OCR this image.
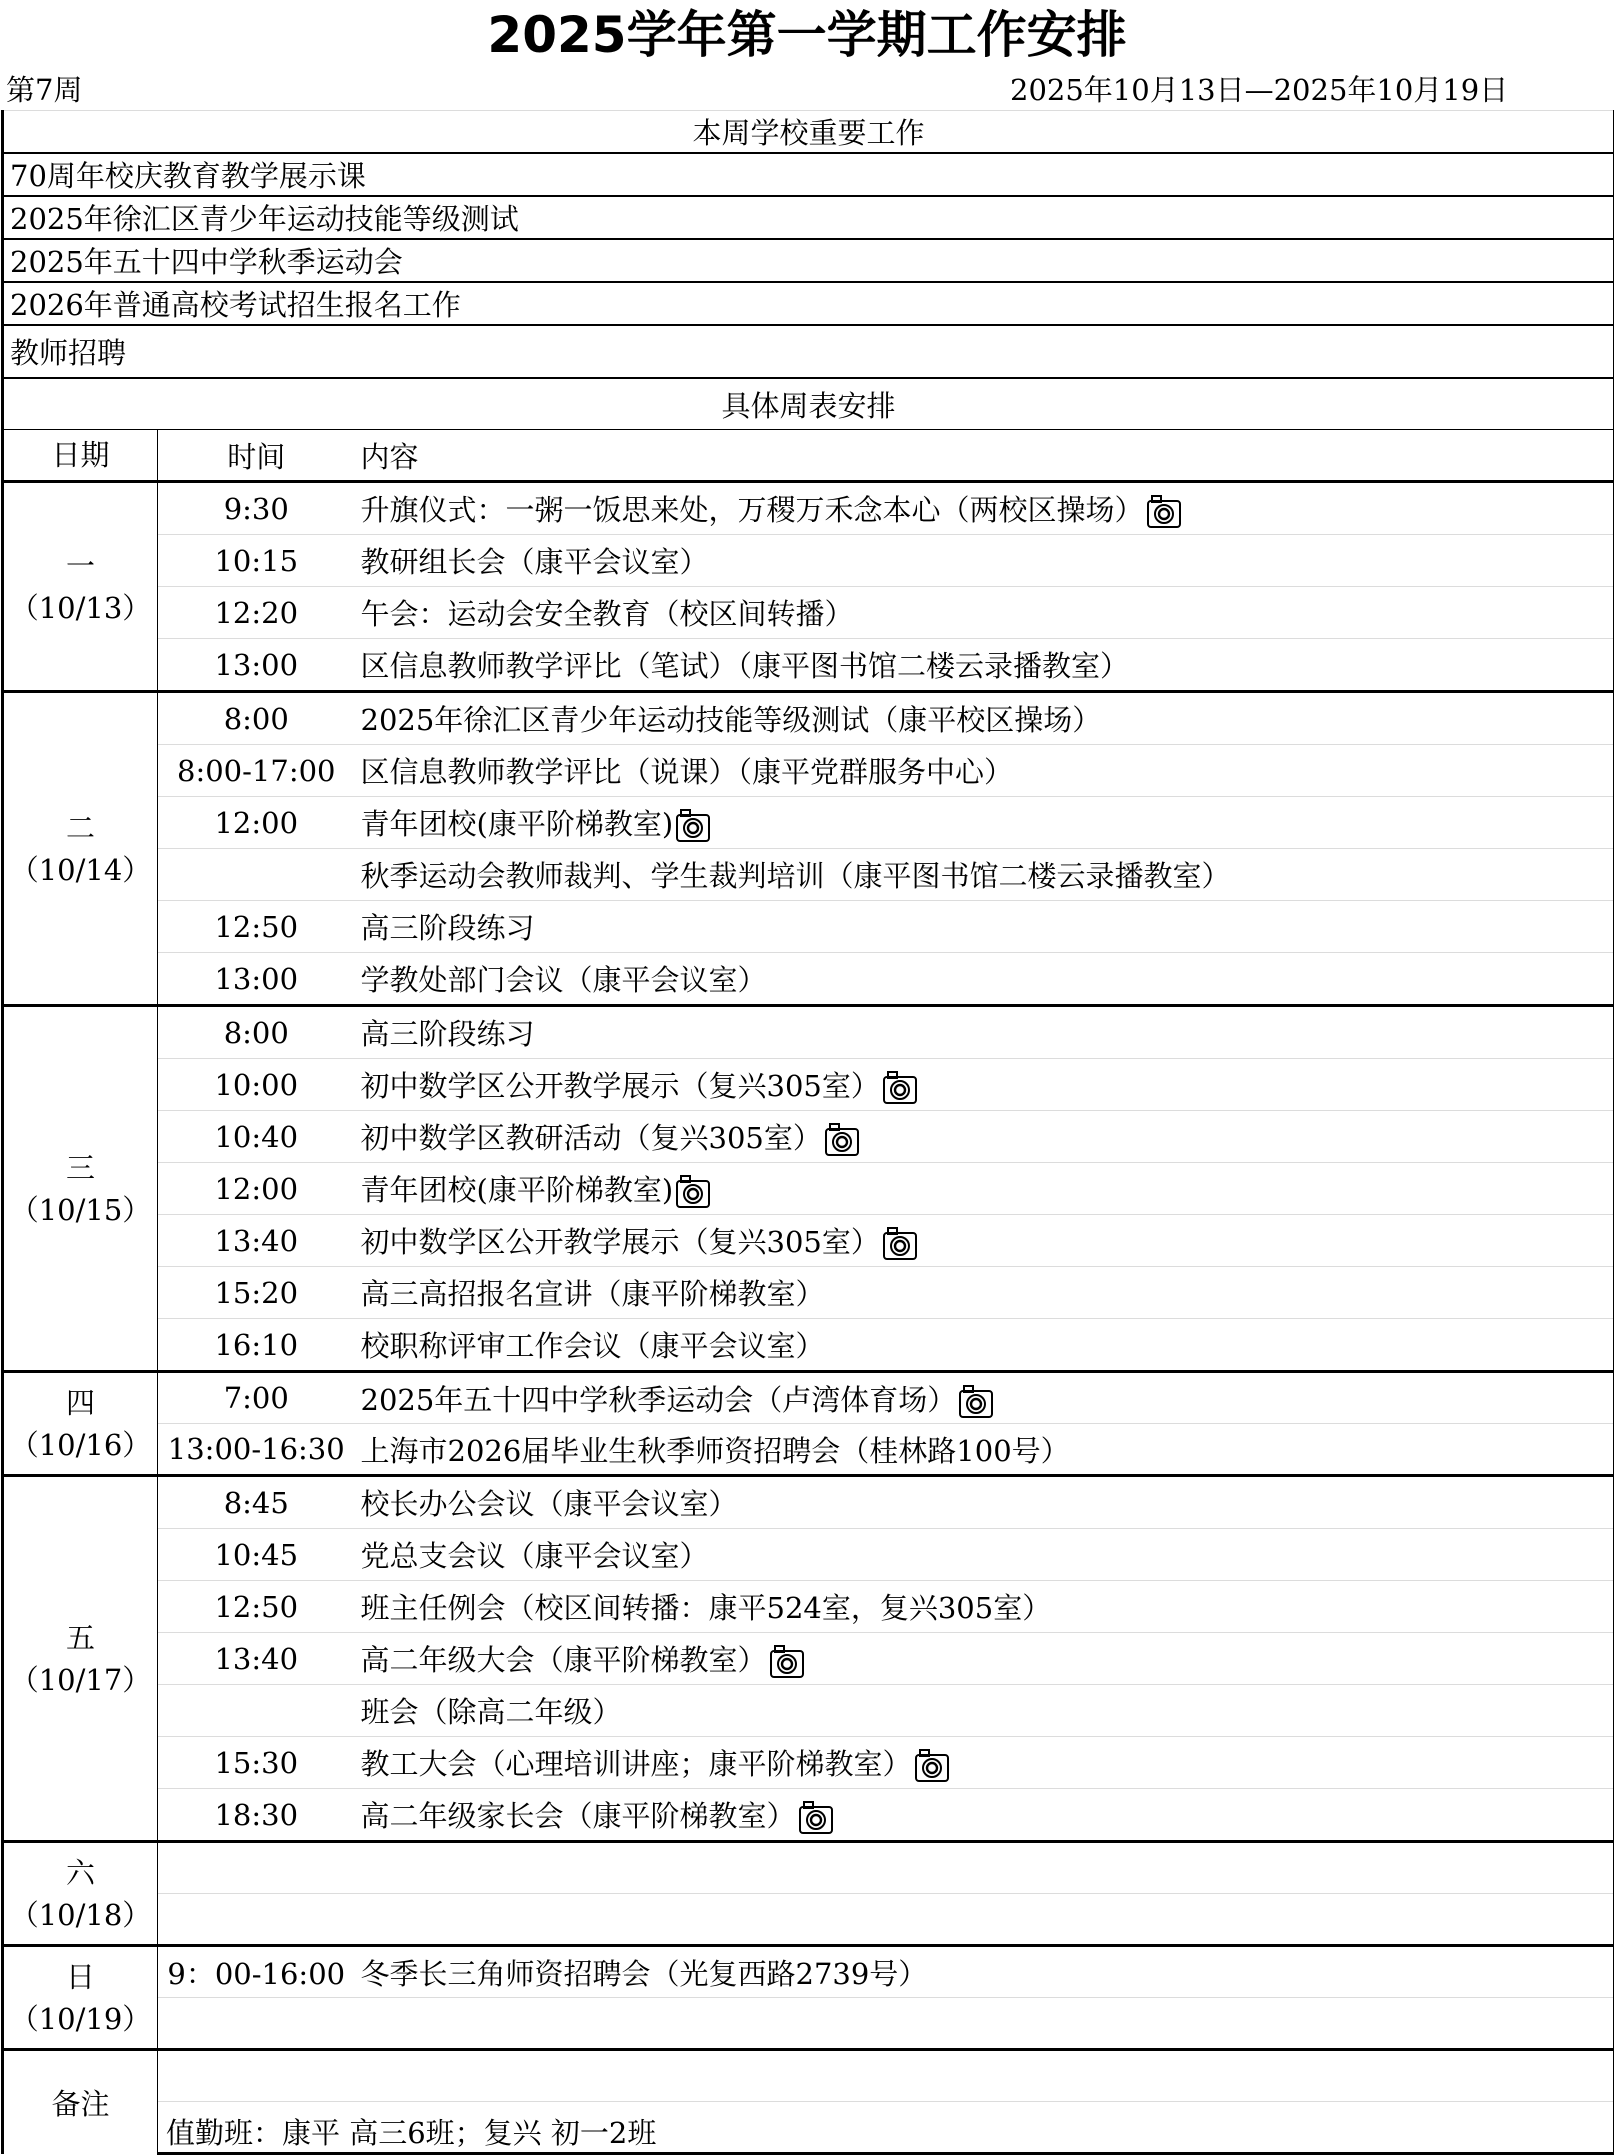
2025学年第一学期工作安排
第7周	2025年10月13日—2025年10月19日
本周学校重要工作		
70周年校庆教育教学展示课		
2025年徐汇区青少年运动技能等级测试		
2025年五十四中学秋季运动会		
2026年普通高校考试招生报名工作		
教师招聘		
具体周表安排		
日期	时间	内容

一
（10/13）	9:30	升旗仪式：一粥一饭思来处，万稷万禾念本心（两校区操场）

	10:15	教研组长会（康平会议室）
	12:20	午会：运动会安全教育（校区间转播）
	13:00	区信息教师教学评比（笔试）（康平图书馆二楼云录播教室）

二
（10/14）	8:00	2025年徐汇区青少年运动技能等级测试（康平校区操场）
	8:00-17:00	区信息教师教学评比（说课）（康平党群服务中心）
	12:00	青年团校(康平阶梯教室)

		秋季运动会教师裁判、学生裁判培训（康平图书馆二楼云录播教室）
	12:50	高三阶段练习
	13:00	学教处部门会议（康平会议室）

三
（10/15）	8:00	高三阶段练习
	10:00	初中数学区公开教学展示（复兴305室）

	10:40	初中数学区教研活动（复兴305室）

	12:00	青年团校(康平阶梯教室)

	13:40	初中数学区公开教学展示（复兴305室）

	15:20	高三高招报名宣讲（康平阶梯教室）
	16:10	校职称评审工作会议（康平会议室）

四
（10/16）	7:00	2025年五十四中学秋季运动会（卢湾体育场）

	13:00-16:30	上海市2026届毕业生秋季师资招聘会（桂林路100号）

五
（10/17）	8:45	校长办公会议（康平会议室）
	10:45	党总支会议（康平会议室）
	12:50	班主任例会（校区间转播：康平524室，复兴305室）
	13:40	高二年级大会（康平阶梯教室）

		班会（除高二年级）
	15:30	教工大会（心理培训讲座；康平阶梯教室）

	18:30	高二年级家长会（康平阶梯教室）

六
（10/18）		

日
（10/19）	9：00-16:00	冬季长三角师资招聘会（光复西路2739号）

备注		
	值勤班：康平 高三6班；复兴 初一2班	
